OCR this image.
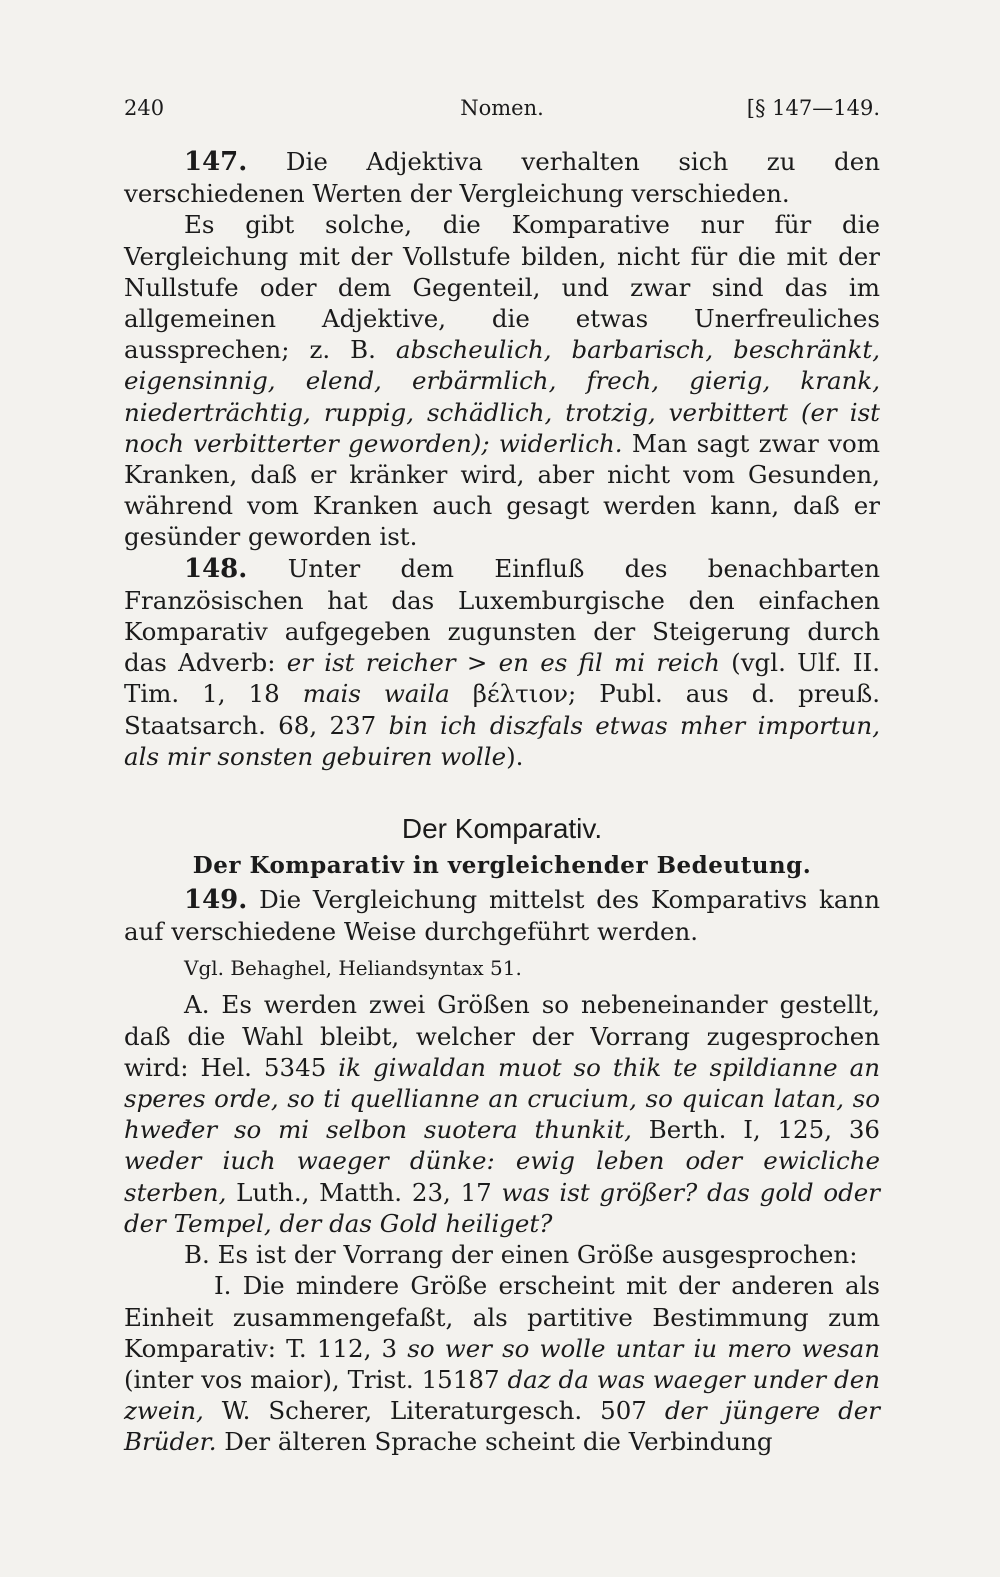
240	Nomen.	[§ 147—149.

147. Die Adjektiva verhalten sich zu den verschiedenen Werten der Vergleichung verschieden.

Es gibt solche, die Komparative nur für die Vergleichung mit der Vollstufe bilden, nicht für die mit der Nullstufe oder dem Gegenteil, und zwar sind das im allgemeinen Adjektive, die etwas Unerfreuliches aussprechen; z. B. abscheulich, barbarisch, beschränkt, eigensinnig, elend, erbärmlich, frech, gierig, krank, niederträchtig, ruppig, schädlich, trotzig, verbittert (er ist noch verbitterter geworden); widerlich. Man sagt zwar vom Kranken, daß er kränker wird, aber nicht vom Gesunden, während vom Kranken auch gesagt werden kann, daß er gesünder geworden ist.

148. Unter dem Einfluß des benachbarten Französischen hat das Luxemburgische den einfachen Komparativ aufgegeben zugunsten der Steigerung durch das Adverb: er ist reicher > en es fil mi reich (vgl. Ulf. II. Tim. 1, 18 mais waila βέλτιον; Publ. aus d. preuß. Staatsarch. 68, 237 bin ich diszfals etwas mher importun, als mir sonsten gebuiren wolle).

Der Komparativ.
Der Komparativ in vergleichender Bedeutung.

149. Die Vergleichung mittelst des Komparativs kann auf verschiedene Weise durchgeführt werden.

Vgl. Behaghel, Heliandsyntax 51.

A. Es werden zwei Größen so nebeneinander gestellt, daß die Wahl bleibt, welcher der Vorrang zugesprochen wird: Hel. 5345 ik giwaldan muot so thik te spildianne an speres orde, so ti quellianne an crucium, so quican latan, so hweđer so mi selbon suotera thunkit, Berth. I, 125, 36 weder iuch waeger dünke: ewig leben oder ewicliche sterben, Luth., Matth. 23, 17 was ist größer? das gold oder der Tempel, der das Gold heiliget?

B. Es ist der Vorrang der einen Größe ausgesprochen:

I. Die mindere Größe erscheint mit der anderen als Einheit zusammengefaßt, als partitive Bestimmung zum Komparativ: T. 112, 3 so wer so wolle untar iu mero wesan (inter vos maior), Trist. 15187 daz da was waeger under den zwein, W. Scherer, Literaturgesch. 507 der jüngere der Brüder. Der älteren Sprache scheint die Verbindung
